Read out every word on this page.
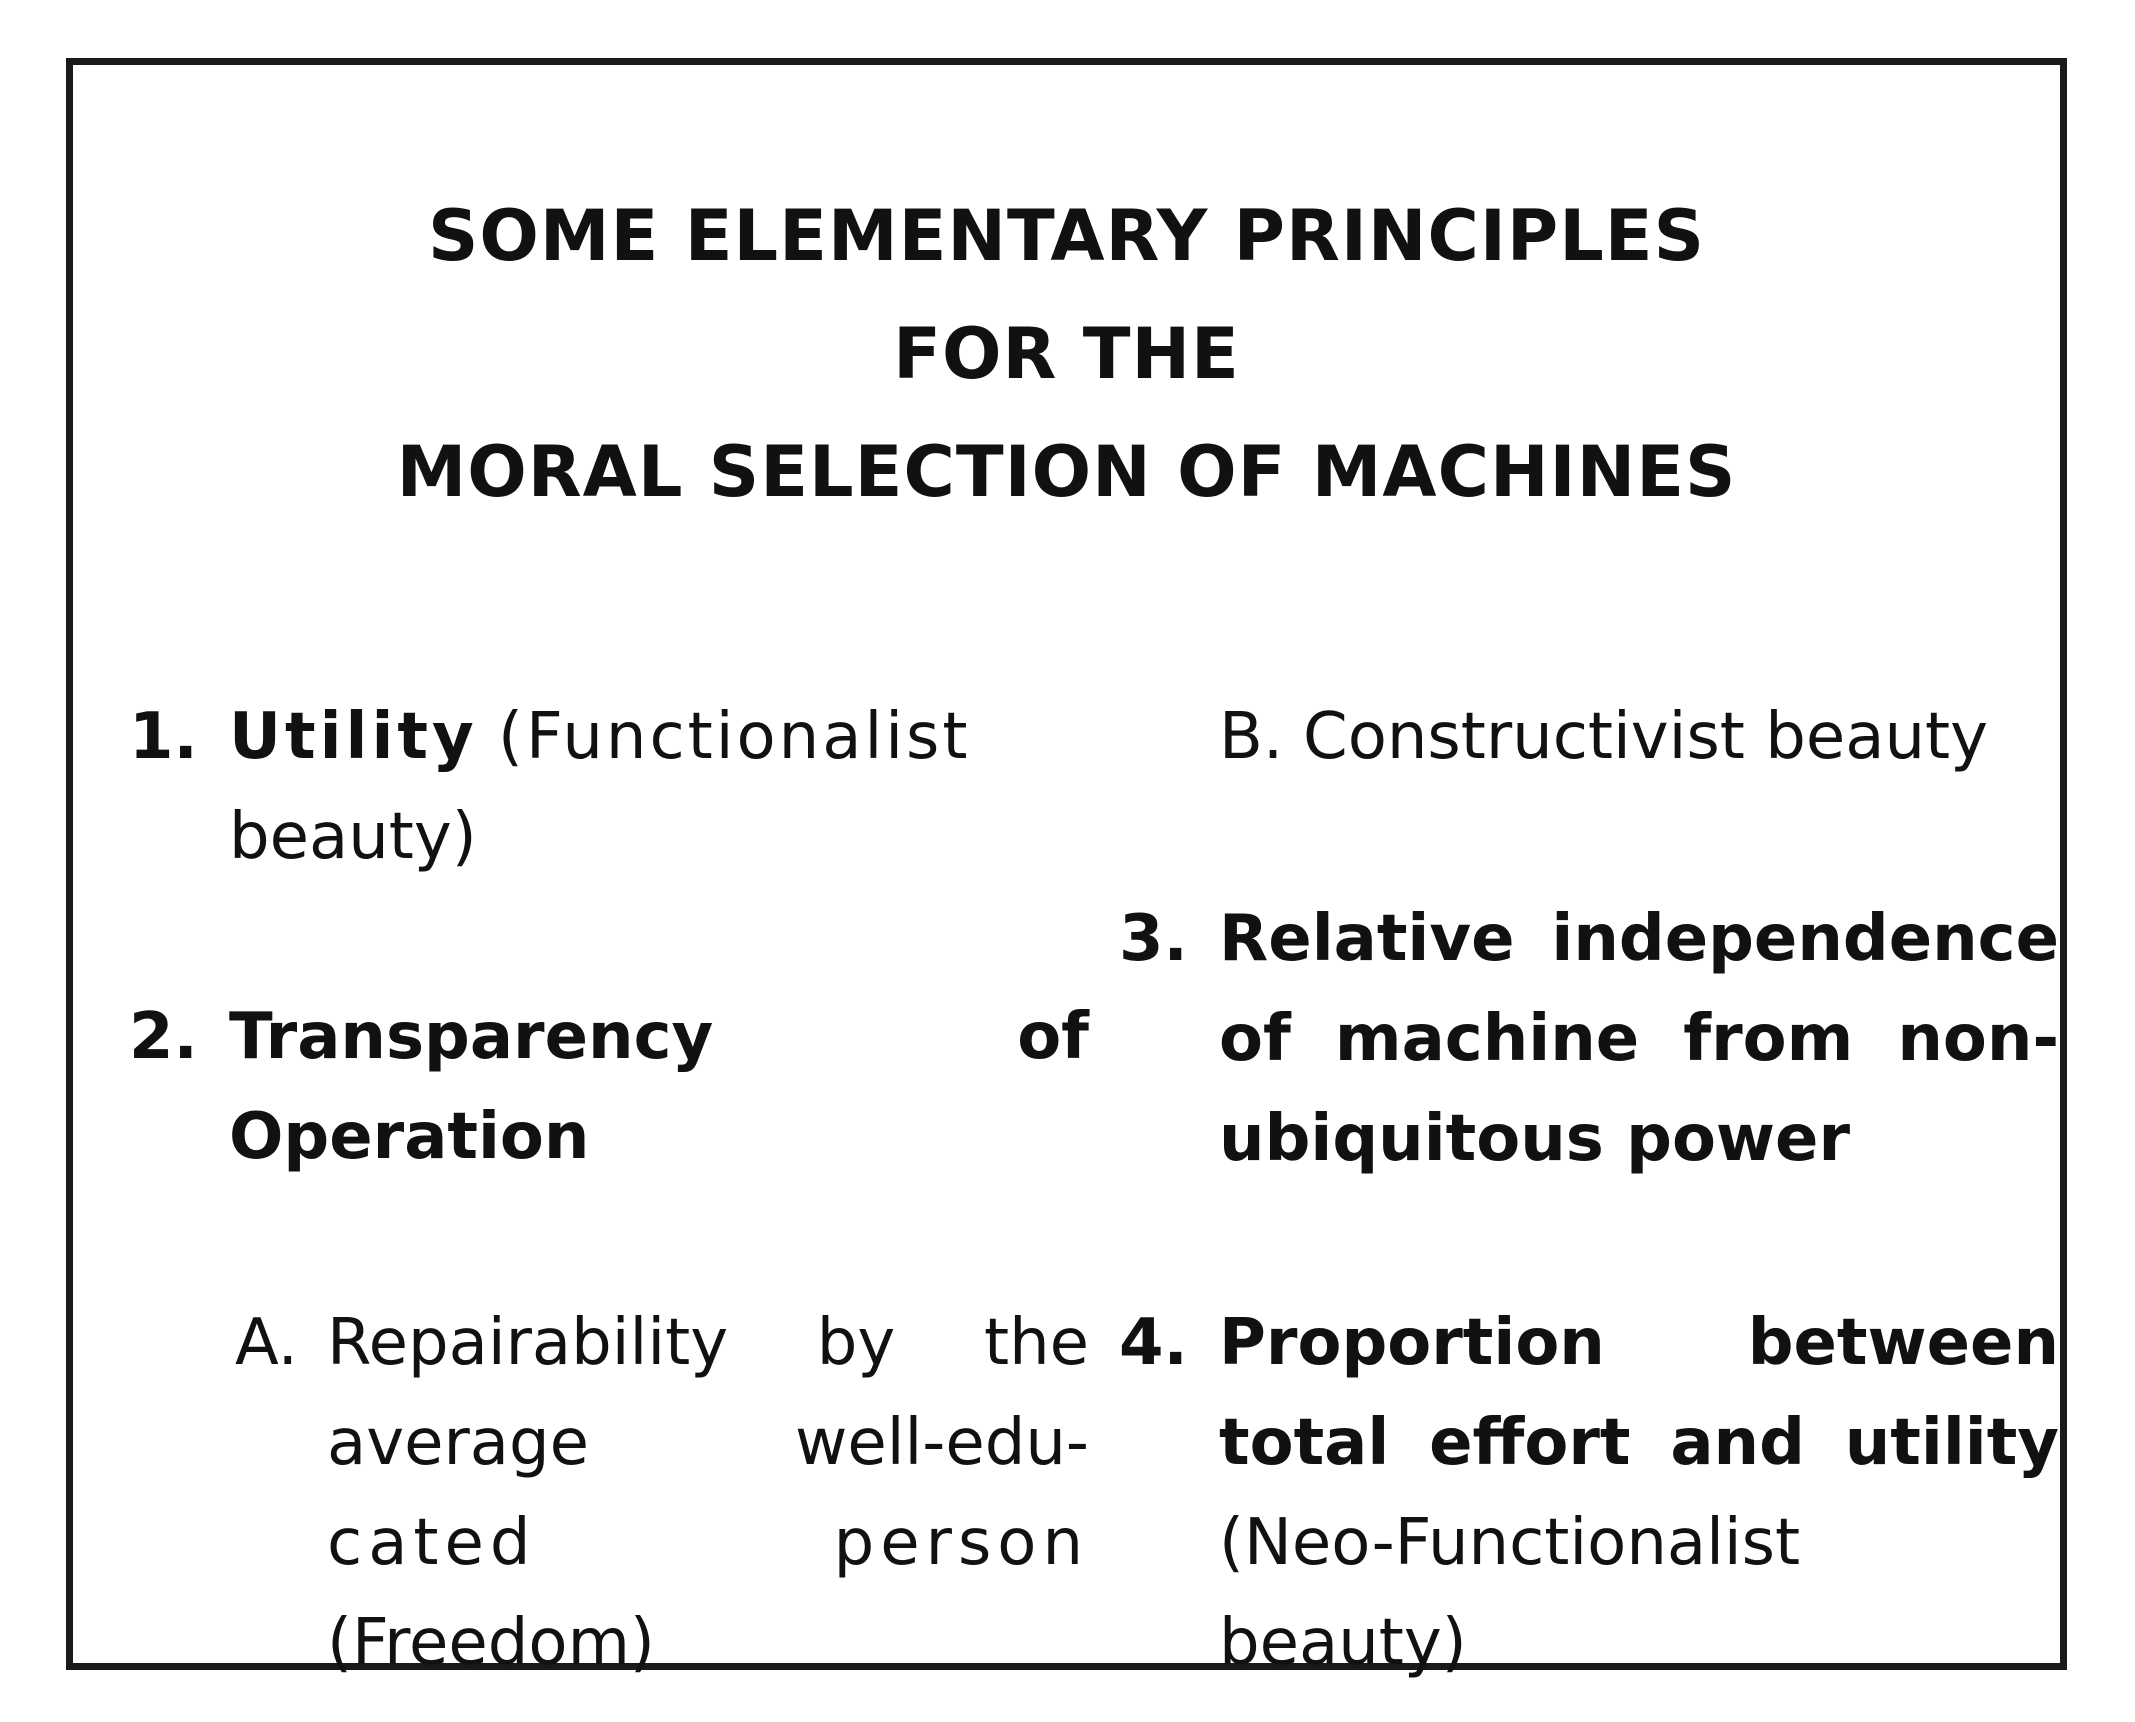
SOME ELEMENTARY PRINCIPLES
FOR THE
MORAL SELECTION OF MACHINES
1. Utility (Functionalist
beauty)
2. Transparency of
Operation
A. Repairability by the
average well-edu-
cated person
(Freedom)
B. Constructivist beauty
3. Relative independence
of machine from non-
ubiquitous power
4. Proportion between
total effort and utility
(Neo-Functionalist
beauty)
